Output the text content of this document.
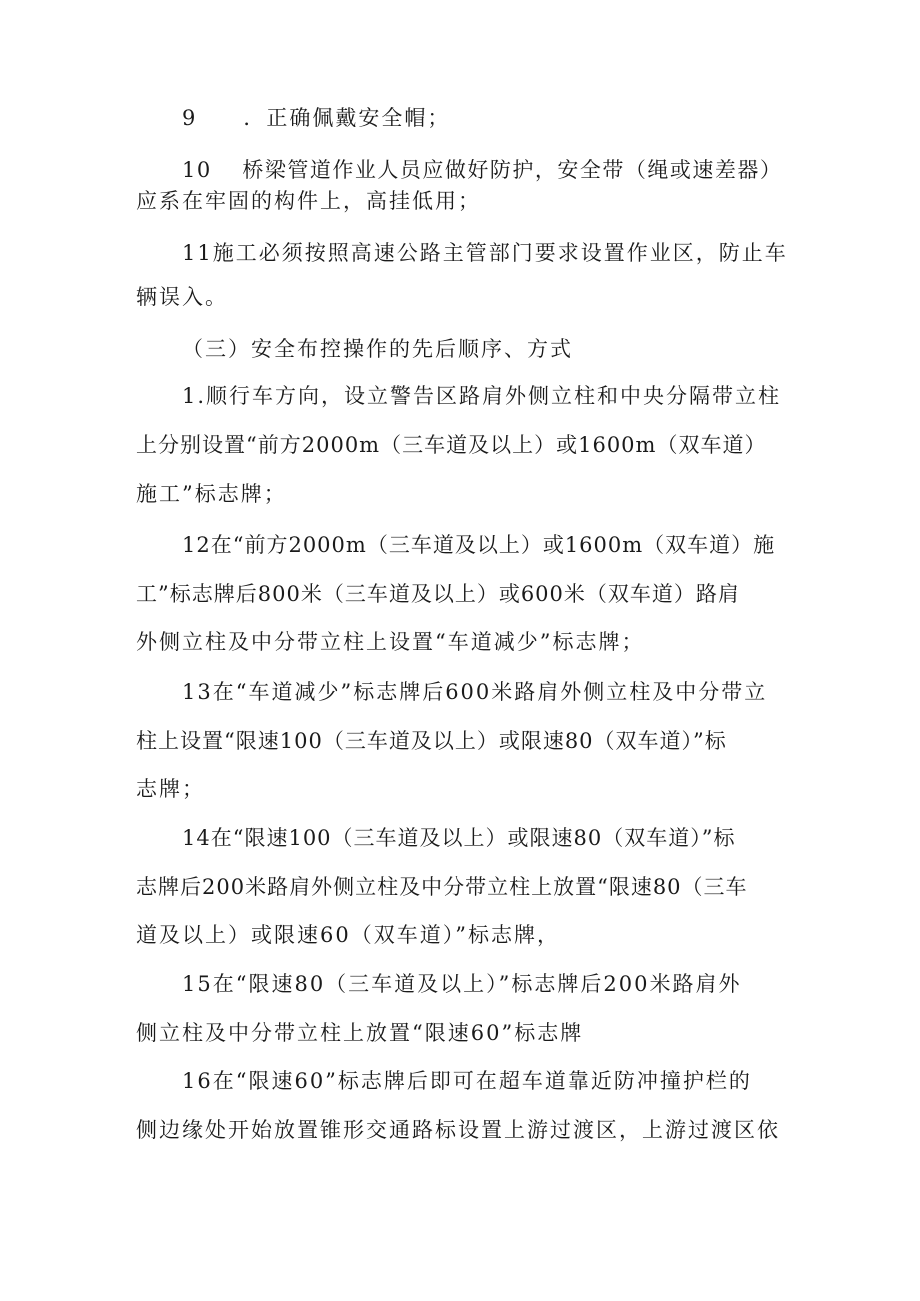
9　　．正确佩戴安全帽；
10　 桥梁管道作业人员应做好防护，安全带（绳或速差器）
应系在牢固的构件上，高挂低用；
11施工必须按照高速公路主管部门要求设置作业区，防止车
辆误入。
（三）安全布控操作的先后顺序、方式
1.顺行车方向，设立警告区路肩外侧立柱和中央分隔带立柱
上分别设置“前方2000m（三车道及以上）或1600m（双车道）
施工”标志牌；
12在“前方2000m（三车道及以上）或1600m（双车道）施
工”标志牌后800米（三车道及以上）或600米（双车道）路肩
外侧立柱及中分带立柱上设置“车道减少”标志牌；
13在“车道减少”标志牌后600米路肩外侧立柱及中分带立
柱上设置“限速100（三车道及以上）或限速80（双车道）”标
志牌；
14在“限速100（三车道及以上）或限速80（双车道）”标
志牌后200米路肩外侧立柱及中分带立柱上放置“限速80（三车
道及以上）或限速60（双车道）”标志牌，
15在“限速80（三车道及以上）”标志牌后200米路肩外
侧立柱及中分带立柱上放置“限速60”标志牌
16在“限速60”标志牌后即可在超车道靠近防冲撞护栏的
侧边缘处开始放置锥形交通路标设置上游过渡区，上游过渡区依
